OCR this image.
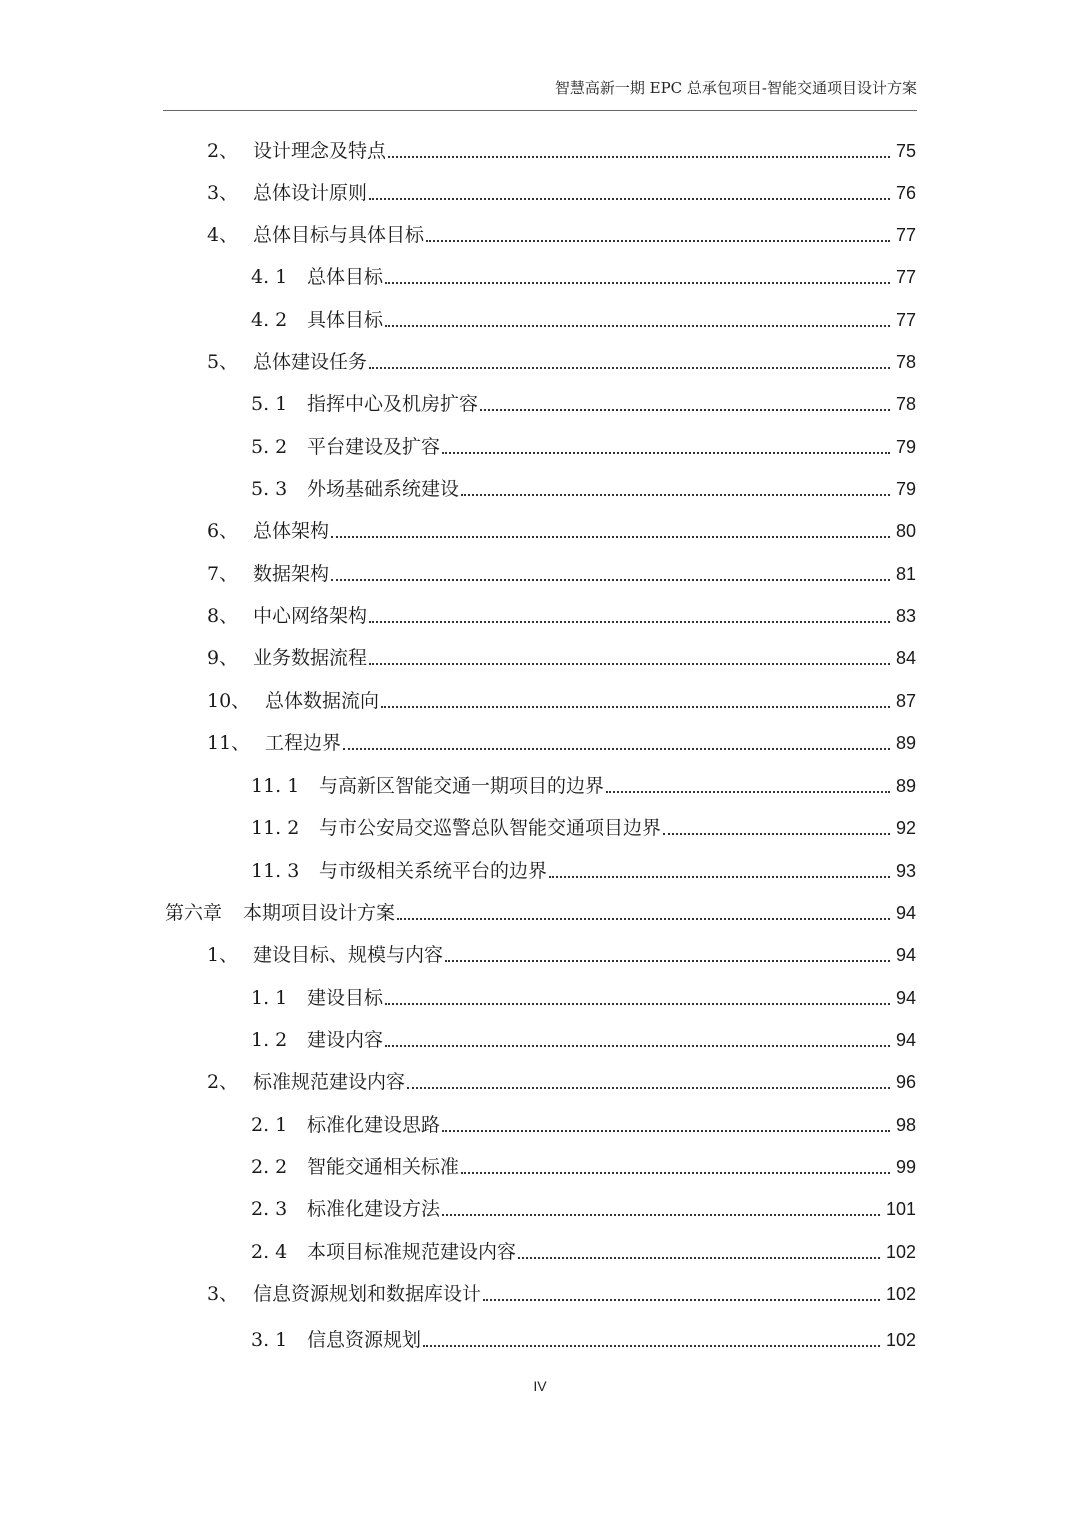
智慧高新一期 EPC 总承包项目-智能交通项目设计方案
2、 设计理念及特点	75
3、 总体设计原则	76
4、 总体目标与具体目标	77
4. 1	总体目标	77
4. 2	具体目标	77
5、 总体建设任务	78
5. 1	指挥中心及机房扩容	78
5. 2	平台建设及扩容	79
5. 3	外场基础系统建设	79
6、 总体架构	80
7、 数据架构	81
8、 中心网络架构	83
9、 业务数据流程	84
10、 总体数据流向	87
11、 工程边界	89
11. 1	与高新区智能交通一期项目的边界	89
11. 2	与市公安局交巡警总队智能交通项目边界	92
11. 3	与市级相关系统平台的边界	93
第六章	本期项目设计方案	94
1、 建设目标、规模与内容	94
1. 1	建设目标	94
1. 2	建设内容	94
2、 标准规范建设内容	96
2. 1	标准化建设思路	98
2. 2	智能交通相关标准	99
2. 3	标准化建设方法	101
2. 4	本项目标准规范建设内容	102
3、 信息资源规划和数据库设计	102
3. 1	信息资源规划	102
IV
